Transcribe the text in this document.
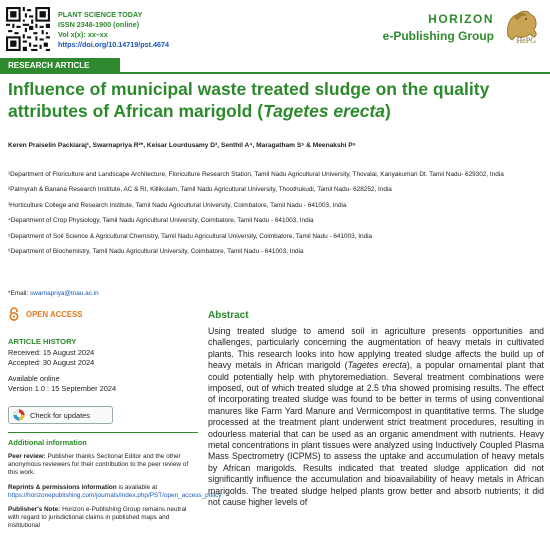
PLANT SCIENCE TODAY
ISSN 2348-1900 (online)
Vol x(x): xx–xx
https://doi.org/10.14719/pst.4674
HORIZON
e-Publishing Group	HePG
RESEARCH ARTICLE
Influence of municipal waste treated sludge on the quality attributes of African marigold (Tagetes erecta)
Keren Praiselin Packiaraj¹, Swarnapriya R²*, Keisar Lourdusamy D³, Senthil A⁴, Maragatham S⁵ & Meenakshi P⁶
¹Department of Floriculture and Landscape Architecture, Floriculture Research Station, Tamil Nadu Agricultural University, Thovalai, Kanyakumari Dt. Tamil Nadu- 629302, India
²Palmyrah & Banana Research Institute, AC & RI, Killikulam, Tamil Nadu Agricultural University, Thoothukudi, Tamil Nadu- 628252, India
³Horticulture College and Research Institute, Tamil Nadu Agricultural University, Coimbatore, Tamil Nadu - 641003, India
⁴Department of Crop Physiology, Tamil Nadu Agricultural University, Coimbatore, Tamil Nadu - 641003, India
⁵Department of Soil Science & Agricultural Chemistry, Tamil Nadu Agricultural University, Coimbatore, Tamil Nadu - 641003, India
⁶Department of Biochemistry, Tamil Nadu Agricultural University, Coimbatore, Tamil Nadu - 641003, India
*Email: swarnapriya@tnau.ac.in
OPEN ACCESS
ARTICLE HISTORY
Received: 15 August 2024
Accepted: 30 August 2024
Available online
Version 1.0 : 15 September 2024
Check for updates
Additional information
Peer review: Publisher thanks Sectional Editor and the other anonymous reviewers for their contribution to the peer review of this work.
Reprints & permissions information is available at https://horizonepublishing.com/journals/index.php/PST/open_access_policy
Publisher's Note: Horizon e-Publishing Group remains neutral with regard to jurisdictional claims in published maps and institutional
Abstract
Using treated sludge to amend soil in agriculture presents opportunities and challenges, particularly concerning the augmentation of heavy metals in cultivated plants. This research looks into how applying treated sludge affects the build up of heavy metals in African marigold (Tagetes erecta), a popular ornamental plant that could potentially help with phytoremediation. Several treatment combinations were imposed, out of which treated sludge at 2.5 t/ha showed promising results. The effect of incorporating treated sludge was found to be better in terms of using conventional manures like Farm Yard Manure and Vermicompost in quantitative terms. The sludge processed at the treatment plant underwent strict treatment procedures, resulting in odourless material that can be used as an organic amendment with nutrients. Heavy metal concentrations in plant tissues were analyzed using Inductively Coupled Plasma Mass Spectrometry (ICPMS) to assess the uptake and accumulation of heavy metals by African marigolds. Results indicated that treated sludge application did not significantly influence the accumulation and bioavailability of heavy metals in African marigolds. The treated sludge helped plants grow better and absorb nutrients; it did not cause higher levels of
